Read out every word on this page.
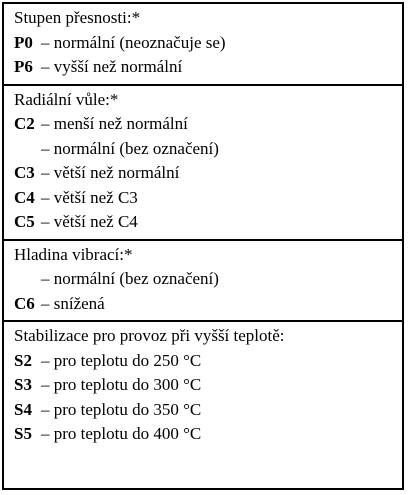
Stupen přesnosti:*
P0 – normální (neoznačuje se)
P6 – vyšší než normální
Radiální vůle:*
C2 – menší než normální
– normální (bez označení)
C3 – větší než normální
C4 – větší než C3
C5 – větší než C4
Hladina vibrací:*
– normální (bez označení)
C6 – snížená
Stabilizace pro provoz při vyšší teplotě:
S2 – pro teplotu do 250 °C
S3 – pro teplotu do 300 °C
S4 – pro teplotu do 350 °C
S5 – pro teplotu do 400 °C
